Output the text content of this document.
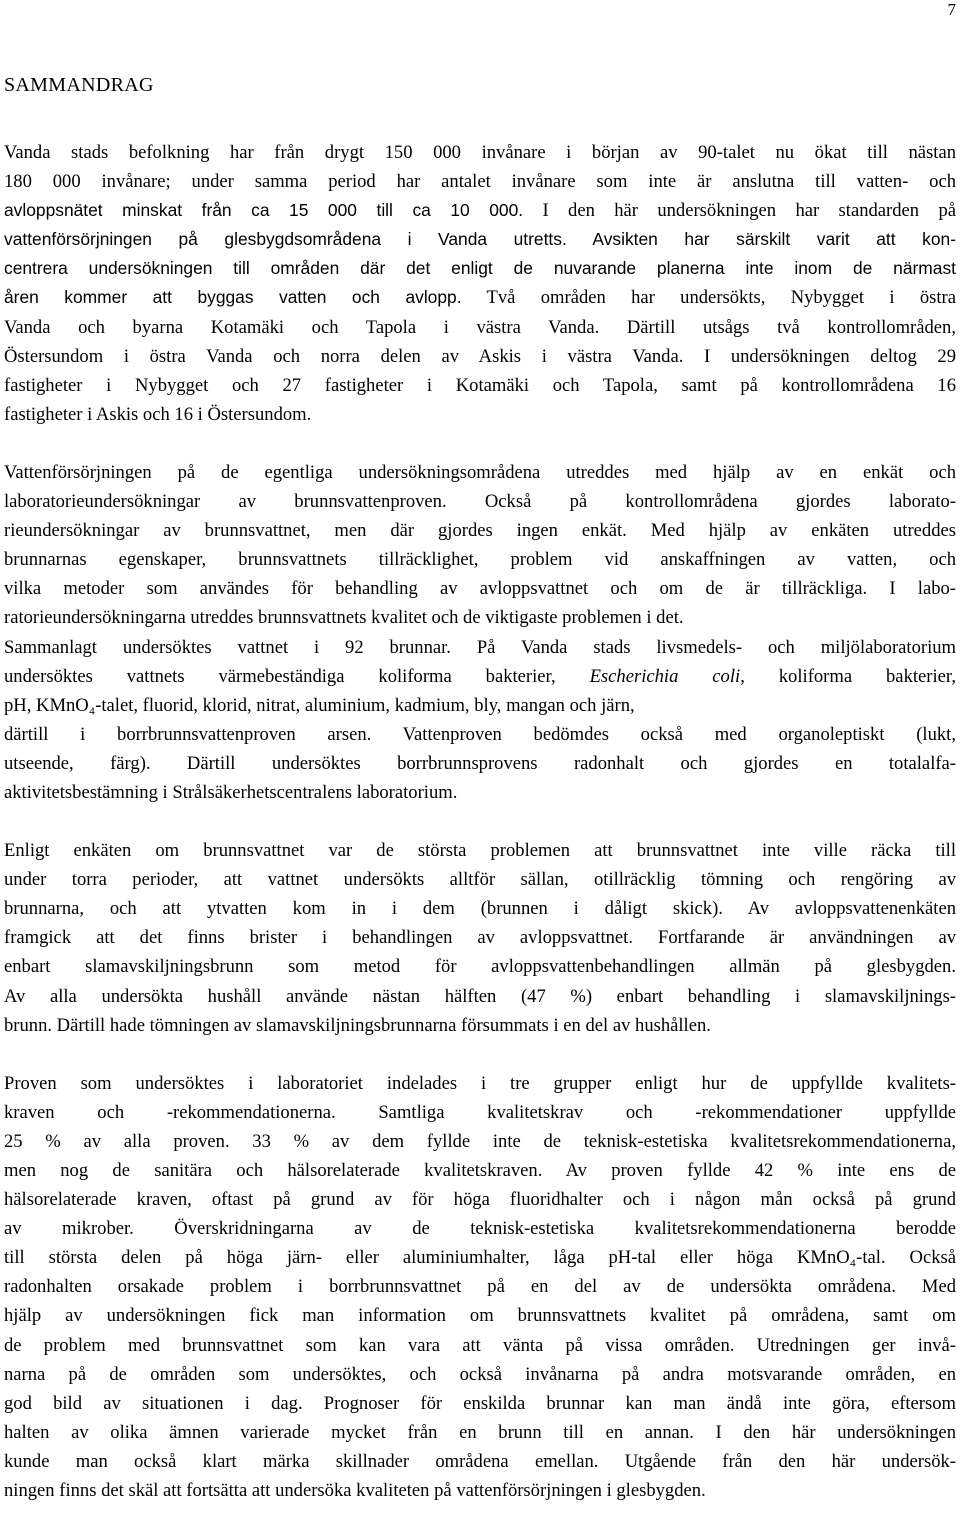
7
SAMMANDRAG
Vanda stads befolkning har från drygt 150 000 invånare i början av 90-talet nu ökat till nästan
180 000 invånare; under samma period har antalet invånare som inte är anslutna till vatten- och
avloppsnätet minskat från ca 15 000 till ca 10 000. I den här undersökningen har standarden på
vattenförsörjningen på glesbygdsområdena i Vanda utretts. Avsikten har särskilt varit att kon-
centrera undersökningen till områden där det enligt de nuvarande planerna inte inom de närmast
åren kommer att byggas vatten och avlopp. Två områden har undersökts, Nybygget i östra
Vanda och byarna Kotamäki och Tapola i västra Vanda. Därtill utsågs två kontrollområden,
Östersundom i östra Vanda och norra delen av Askis i västra Vanda. I undersökningen deltog 29
fastigheter i Nybygget och 27 fastigheter i Kotamäki och Tapola, samt på kontrollområdena 16
fastigheter i Askis och 16 i Östersundom.
Vattenförsörjningen på de egentliga undersökningsområdena utreddes med hjälp av en enkät och
laboratorieundersökningar av brunnsvattenproven. Också på kontrollområdena gjordes laborato-
rieundersökningar av brunnsvattnet, men där gjordes ingen enkät. Med hjälp av enkäten utreddes
brunnarnas egenskaper, brunnsvattnets tillräcklighet, problem vid anskaffningen av vatten, och
vilka metoder som användes för behandling av avloppsvattnet och om de är tillräckliga. I labo-
ratorieundersökningarna utreddes brunnsvattnets kvalitet och de viktigaste problemen i det.
Sammanlagt undersöktes vattnet i 92 brunnar. På Vanda stads livsmedels- och miljölaboratorium
undersöktes vattnets värmebeständiga koliforma bakterier, Escherichia coli, koliforma bakterier,
pH, KMnO₄-talet, fluorid, klorid, nitrat, aluminium, kadmium, bly, mangan och järn,
därtill i borrbrunnsvattenproven arsen. Vattenproven bedömdes också med organoleptiskt (lukt,
utseende, färg). Därtill undersöktes borrbrunnsprovens radonhalt och gjordes en totalalfa-
aktivitetsbestämning i Strålsäkerhetscentralens laboratorium.
Enligt enkäten om brunnsvattnet var de största problemen att brunnsvattnet inte ville räcka till
under torra perioder, att vattnet undersökts alltför sällan, otillräcklig tömning och rengöring av
brunnarna, och att ytvatten kom in i dem (brunnen i dåligt skick). Av avloppsvattenenkäten
framgick att det finns brister i behandlingen av avloppsvattnet. Fortfarande är användningen av
enbart slamavskiljningsbrunn som metod för avloppsvattenbehandlingen allmän på glesbygden.
Av alla undersökta hushåll använde nästan hälften (47 %) enbart behandling i slamavskiljnings-
brunn. Därtill hade tömningen av slamavskiljningsbrunnarna försummats i en del av hushållen.
Proven som undersöktes i laboratoriet indelades i tre grupper enligt hur de uppfyllde kvalitets-
kraven och -rekommendationerna. Samtliga kvalitetskrav och -rekommendationer uppfyllde
25 % av alla proven. 33 % av dem fyllde inte de teknisk-estetiska kvalitetsrekommendationerna,
men nog de sanitära och hälsorelaterade kvalitetskraven. Av proven fyllde 42 % inte ens de
hälsorelaterade kraven, oftast på grund av för höga fluoridhalter och i någon mån också på grund
av mikrober. Överskridningarna av de teknisk-estetiska kvalitetsrekommendationerna berodde
till största delen på höga järn- eller aluminiumhalter, låga pH-tal eller höga KMnO₄-tal. Också
radonhalten orsakade problem i borrbrunnsvattnet på en del av de undersökta områdena. Med
hjälp av undersökningen fick man information om brunnsvattnets kvalitet på områdena, samt om
de problem med brunnsvattnet som kan vara att vänta på vissa områden. Utredningen ger invå-
narna på de områden som undersöktes, och också invånarna på andra motsvarande områden, en
god bild av situationen i dag. Prognoser för enskilda brunnar kan man ändå inte göra, eftersom
halten av olika ämnen varierade mycket från en brunn till en annan. I den här undersökningen
kunde man också klart märka skillnader områdena emellan. Utgående från den här undersök-
ningen finns det skäl att fortsätta att undersöka kvaliteten på vattenförsörjningen i glesbygden.
